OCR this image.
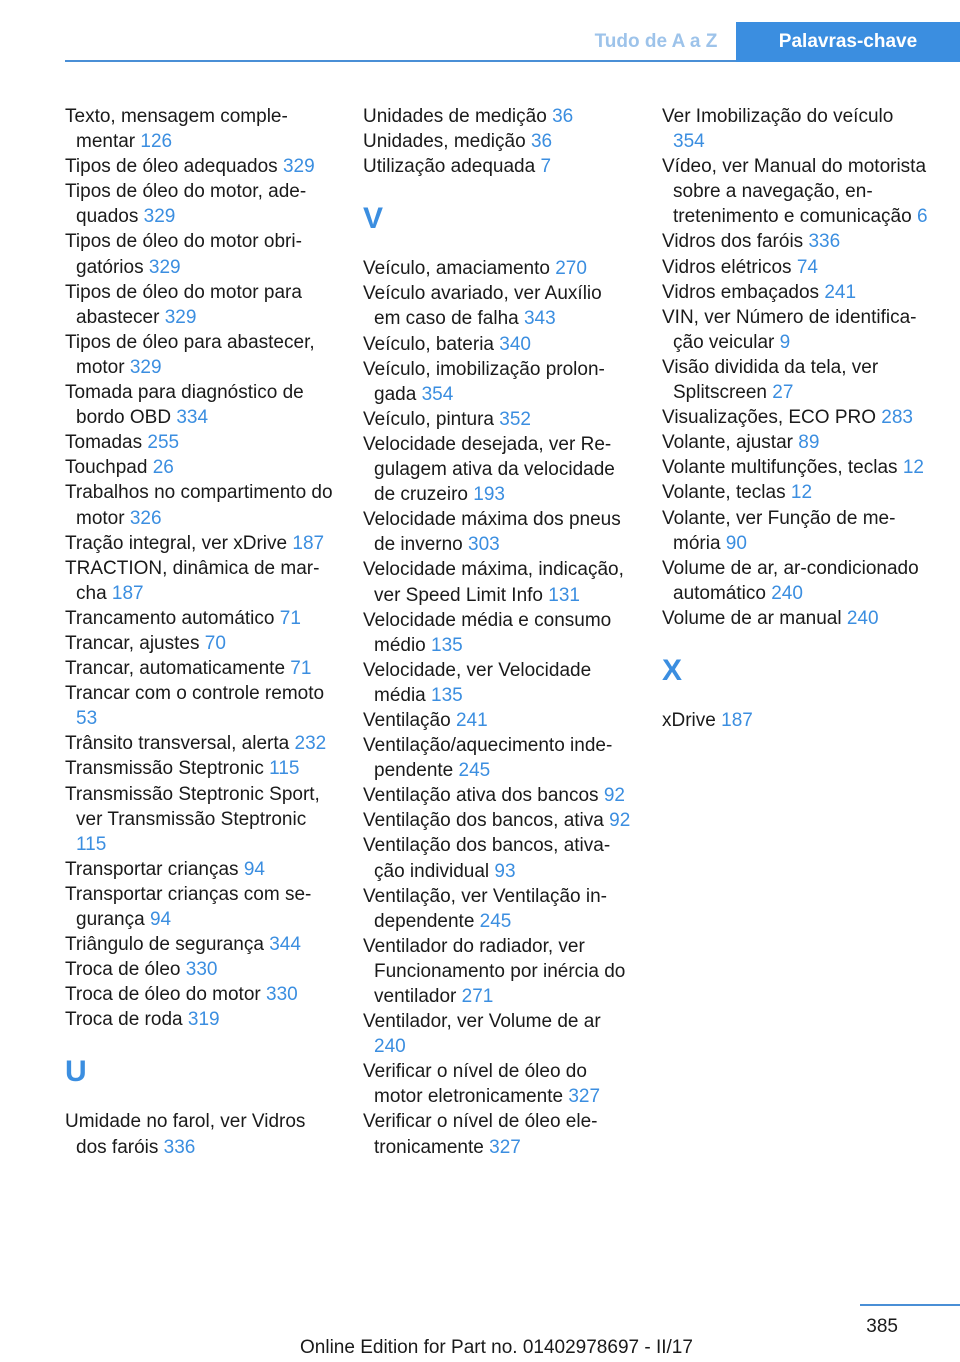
Tudo de A a Z	Palavras-chave
Texto, mensagem complementar 126
Tipos de óleo adequados 329
Tipos de óleo do motor, adequados 329
Tipos de óleo do motor obrigatórios 329
Tipos de óleo do motor para abastecer 329
Tipos de óleo para abastecer, motor 329
Tomada para diagnóstico de bordo OBD 334
Tomadas 255
Touchpad 26
Trabalhos no compartimento do motor 326
Tração integral, ver xDrive 187
TRACTION, dinâmica de marcha 187
Trancamento automático 71
Trancar, ajustes 70
Trancar, automaticamente 71
Trancar com o controle remoto 53
Trânsito transversal, alerta 232
Transmissão Steptronic 115
Transmissão Steptronic Sport, ver Transmissão Steptronic 115
Transportar crianças 94
Transportar crianças com segurança 94
Triângulo de segurança 344
Troca de óleo 330
Troca de óleo do motor 330
Troca de roda 319
U
Umidade no farol, ver Vidros dos faróis 336
Unidades de medição 36
Unidades, medição 36
Utilização adequada 7
V
Veículo, amaciamento 270
Veículo avariado, ver Auxílio em caso de falha 343
Veículo, bateria 340
Veículo, imobilização prolongada 354
Veículo, pintura 352
Velocidade desejada, ver Regulagem ativa da velocidade de cruzeiro 193
Velocidade máxima dos pneus de inverno 303
Velocidade máxima, indicação, ver Speed Limit Info 131
Velocidade média e consumo médio 135
Velocidade, ver Velocidade média 135
Ventilação 241
Ventilação/aquecimento independente 245
Ventilação ativa dos bancos 92
Ventilação dos bancos, ativa 92
Ventilação dos bancos, ativação individual 93
Ventilação, ver Ventilação independente 245
Ventilador do radiador, ver Funcionamento por inércia do ventilador 271
Ventilador, ver Volume de ar 240
Verificar o nível de óleo do motor eletronicamente 327
Verificar o nível de óleo eletronicamente 327
Ver Imobilização do veículo 354
Vídeo, ver Manual do motorista sobre a navegação, entretenimento e comunicação 6
Vidros dos faróis 336
Vidros elétricos 74
Vidros embaçados 241
VIN, ver Número de identificação veicular 9
Visão dividida da tela, ver Splitscreen 27
Visualizações, ECO PRO 283
Volante, ajustar 89
Volante multifunções, teclas 12
Volante, teclas 12
Volante, ver Função de memória 90
Volume de ar, ar-condicionado automático 240
Volume de ar manual 240
X
xDrive 187
385
Online Edition for Part no. 01402978697 - II/17
